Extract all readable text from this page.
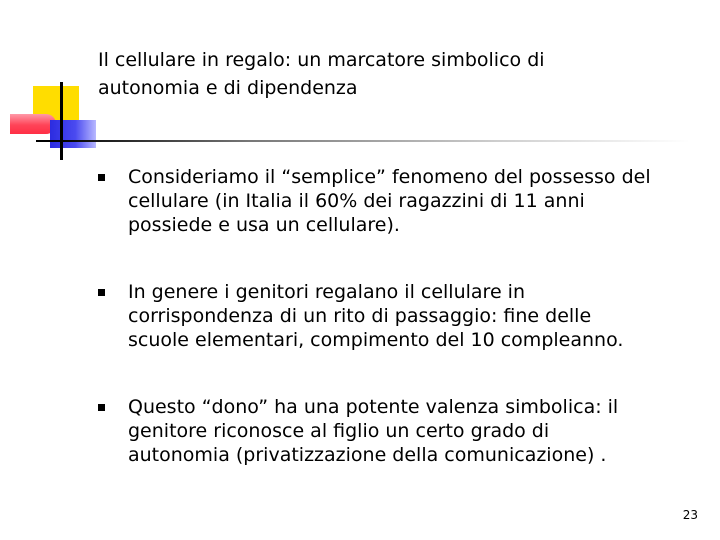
Il cellulare in regalo: un marcatore simbolico di
autonomia e di dipendenza
Consideriamo il “semplice” fenomeno del possesso del
cellulare (in Italia il 60% dei ragazzini di 11 anni
possiede e usa un cellulare).
In genere i genitori regalano il cellulare in
corrispondenza di un rito di passaggio: fine delle
scuole elementari, compimento del 10 compleanno.
Questo “dono” ha una potente valenza simbolica: il
genitore riconosce al figlio un certo grado di
autonomia (privatizzazione della comunicazione) .
23
